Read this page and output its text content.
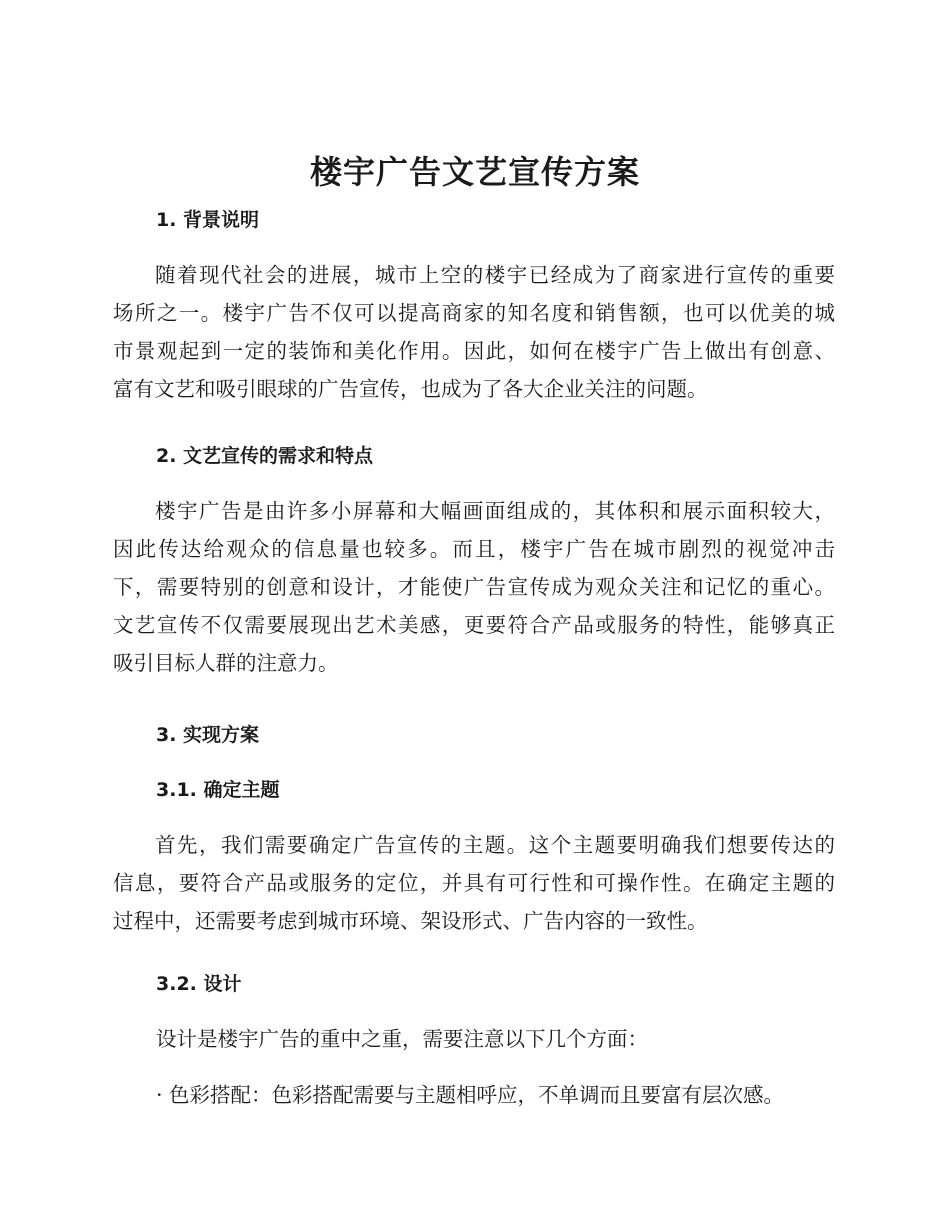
楼宇广告文艺宣传方案
1. 背景说明
随着现代社会的进展，城市上空的楼宇已经成为了商家进行宣传的重要
场所之一。楼宇广告不仅可以提高商家的知名度和销售额，也可以优美的城
市景观起到一定的装饰和美化作用。因此，如何在楼宇广告上做出有创意、
富有文艺和吸引眼球的广告宣传，也成为了各大企业关注的问题。
2. 文艺宣传的需求和特点
楼宇广告是由许多小屏幕和大幅画面组成的，其体积和展示面积较大，
因此传达给观众的信息量也较多。而且，楼宇广告在城市剧烈的视觉冲击
下，需要特别的创意和设计，才能使广告宣传成为观众关注和记忆的重心。
文艺宣传不仅需要展现出艺术美感，更要符合产品或服务的特性，能够真正
吸引目标人群的注意力。
3. 实现方案
3.1. 确定主题
首先，我们需要确定广告宣传的主题。这个主题要明确我们想要传达的
信息，要符合产品或服务的定位，并具有可行性和可操作性。在确定主题的
过程中，还需要考虑到城市环境、架设形式、广告内容的一致性。
3.2. 设计

设计是楼宇广告的重中之重，需要注意以下几个方面：

· 色彩搭配：色彩搭配需要与主题相呼应，不单调而且要富有层次感。
